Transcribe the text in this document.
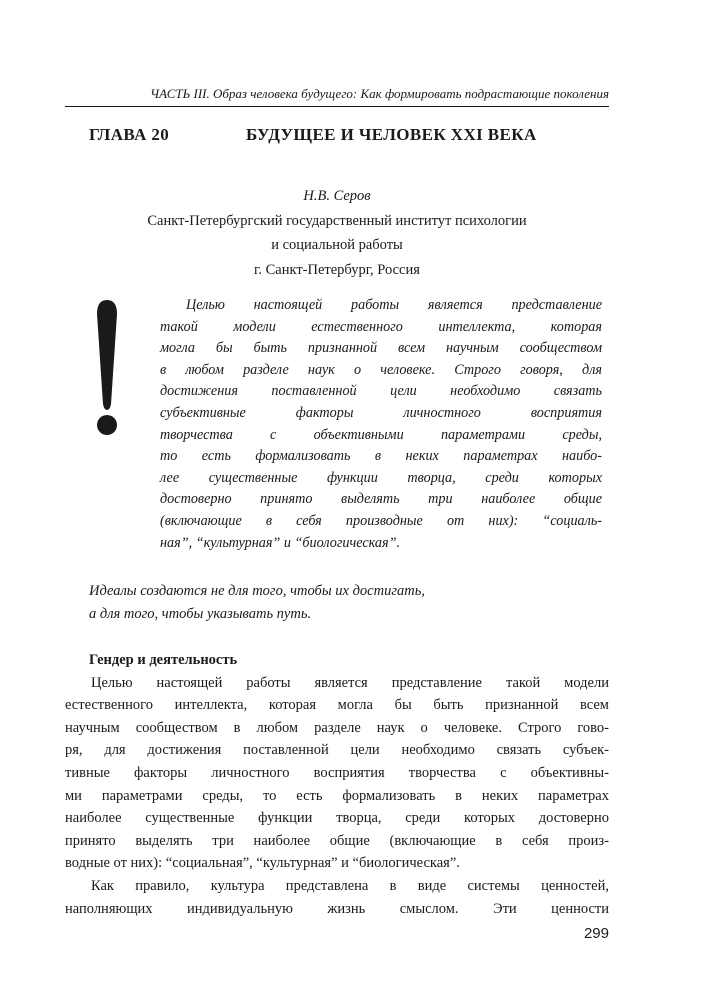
ЧАСТЬ III. Образ человека будущего: Как формировать подрастающие поколения
ГЛАВА 20	БУДУЩЕЕ И ЧЕЛОВЕК XXI ВЕКА
Н.В. Серов
Санкт-Петербургский государственный институт психологии
и социальной работы
г. Санкт-Петербург, Россия
Целью настоящей работы является представление
такой модели естественного интеллекта, которая
могла бы быть признанной всем научным сообществом
в любом разделе наук о человеке. Строго говоря, для
достижения поставленной цели необходимо связать
субъективные факторы личностного восприятия
творчества с объективными параметрами среды,
то есть формализовать в неких параметрах наибо-
лее существенные функции творца, среди которых
достоверно принято выделять три наиболее общие
(включающие в себя производные от них): “социаль-
ная”, “культурная” и “биологическая”.
Идеалы создаются не для того, чтобы их достигать,
а для того, чтобы указывать путь.
Гендер и деятельность
Целью настоящей работы является представление такой модели
естественного интеллекта, которая могла бы быть признанной всем
научным сообществом в любом разделе наук о человеке. Строго гово-
ря, для достижения поставленной цели необходимо связать субъек-
тивные факторы личностного восприятия творчества с объективны-
ми параметрами среды, то есть формализовать в неких параметрах
наиболее существенные функции творца, среди которых достоверно
принято выделять три наиболее общие (включающие в себя произ-
водные от них): “социальная”, “культурная” и “биологическая”.
Как правило, культура представлена в виде системы ценностей,
наполняющих индивидуальную жизнь смыслом. Эти ценности
299
